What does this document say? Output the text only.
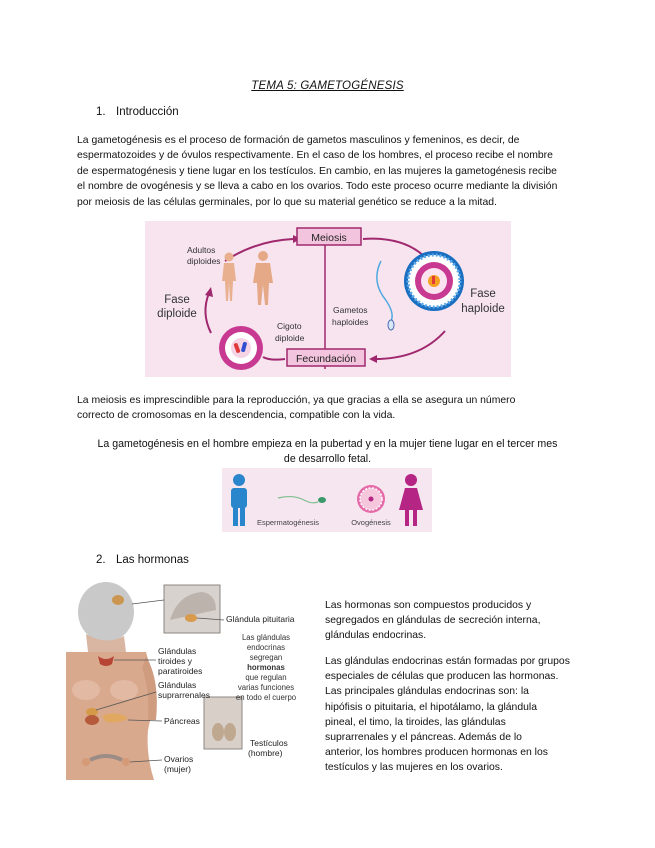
TEMA 5: GAMETOGÉNESIS
1. Introducción

La gametogénesis es el proceso de formación de gametos masculinos y femeninos, es decir, de

espermatozoides y de óvulos respectivamente. En el caso de los hombres, el proceso recibe el nombre

de espermatogénesis y tiene lugar en los testículos. En cambio, en las mujeres la gametogénesis recibe

el nombre de ovogénesis y se lleva a cabo en los ovarios. Todo este proceso ocurre mediante la división

por meiosis de las células germinales, por lo que su material genético se reduce a la mitad.

Meiosis
Fecundación
Adultos
diploides
Fase
diploide
Cigoto
diploide
Gametos
haploides
Fase
haploide

La meiosis es imprescindible para la reproducción, ya que gracias a ella se asegura un número

correcto de cromosomas en la descendencia, compatible con la vida.

La gametogénesis en el hombre empieza en la pubertad y en la mujer tiene lugar en el tercer mes
de desarrollo fetal.
Espermatogénesis	Ovogénesis
2. Las hormonas
Glándula pituitaria
Las glándulas
endocrinas
segregan
hormonas
que regulan
varias funciones
en todo el cuerpo
Glándulas
tiroides y
paratiroides
Glándulas
suprarrenales
Páncreas
Testículos
(hombre)
Ovarios
(mujer)

Las hormonas son compuestos producidos y

segregados en glándulas de secreción interna,

glándulas endocrinas.

Las glándulas endocrinas están formadas por grupos

especiales de células que producen las hormonas.

Las principales glándulas endocrinas son: la

hipófisis o pituitaria, el hipotálamo, la glándula

pineal, el timo, la tiroides, las glándulas

suprarrenales y el páncreas. Además de lo

anterior, los hombres producen hormonas en los

testículos y las mujeres en los ovarios.
